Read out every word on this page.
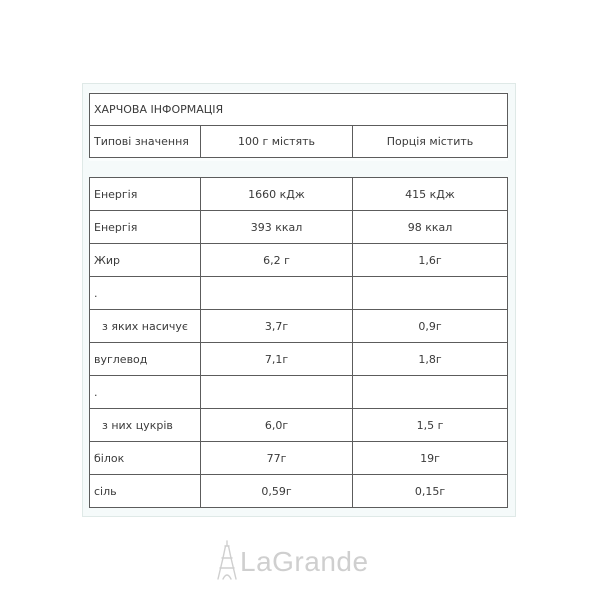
ХАРЧОВА ІНФОРМАЦІЯ
Типові значення	100 г містять	Порція містить
Енергія	1660 кДж	415 кДж
Енергія	393 ккал	98 ккал
Жир	6,2 г	1,6г
.		
з яких насичує	3,7г	0,9г
вуглевод	7,1г	1,8г
.		
з них цукрів	6,0г	1,5 г
білок	77г	19г
сіль	0,59г	0,15г
LaGrande
